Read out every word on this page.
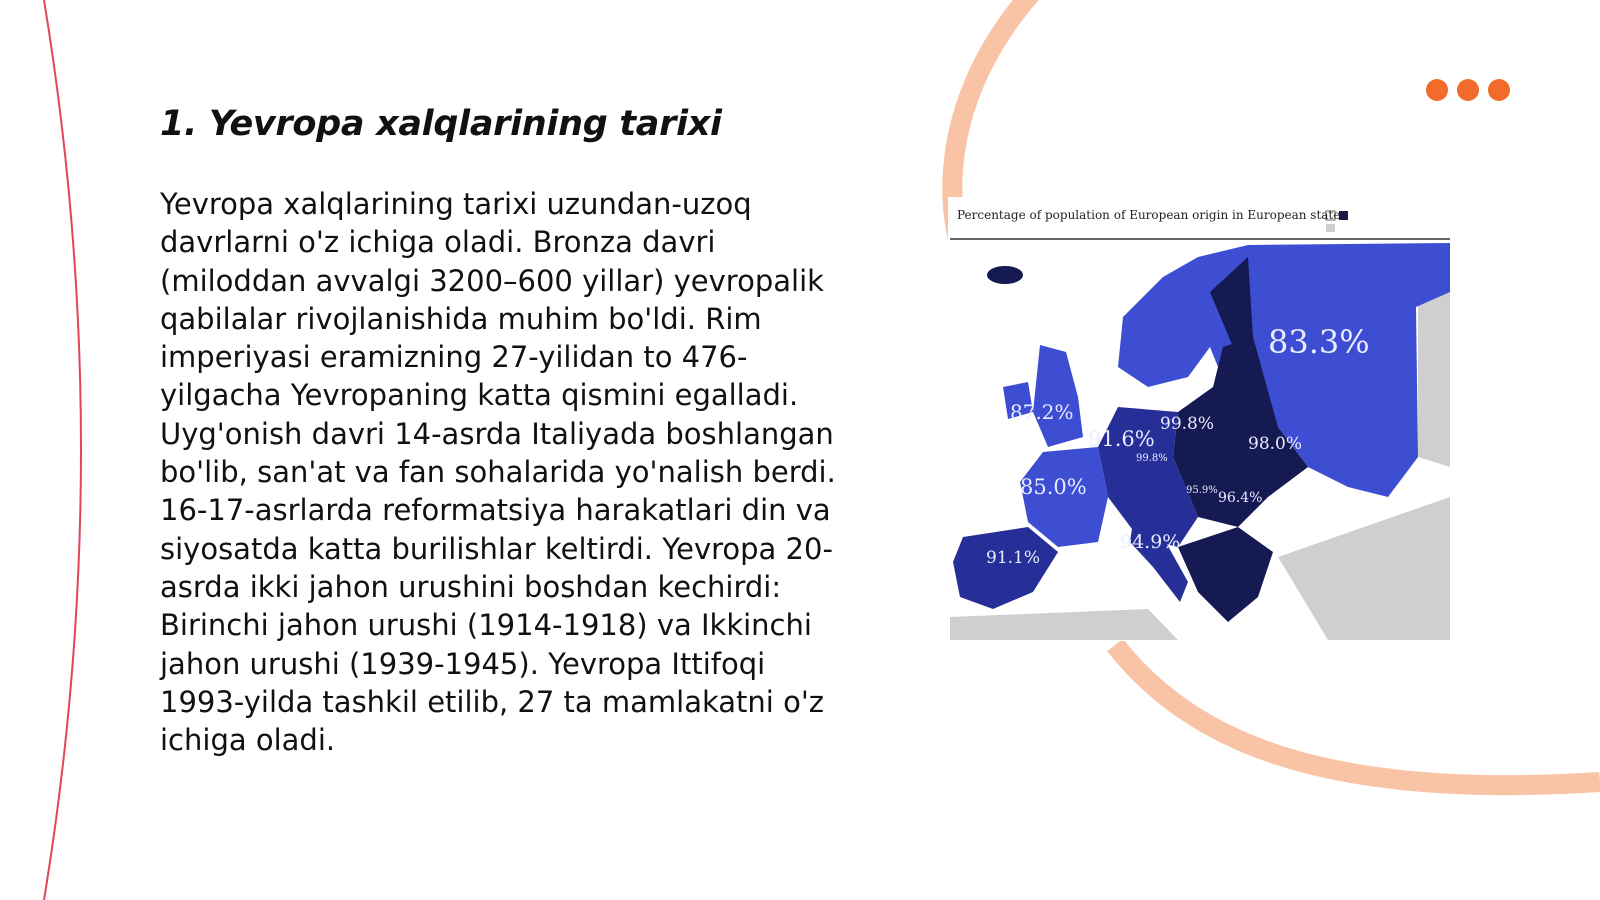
1. Yevropa xalqlarining tarixi

Yevropa xalqlarining tarixi uzundan-uzoq davrlarni o'z ichiga oladi. Bronza davri (miloddan avvalgi 3200–600 yillar) yevropalik qabilalar rivojlanishida muhim bo'ldi. Rim imperiyasi eramizning 27-yilidan to 476-yilgacha Yevropaning katta qismini egalladi. Uyg'onish davri 14-asrda Italiyada boshlangan bo'lib, san'at va fan sohalarida yo'nalish berdi. 16-17-asrlarda reformatsiya harakatlari din va siyosatda katta burilishlar keltirdi. Yevropa 20-asrda ikki jahon urushini boshdan kechirdi: Birinchi jahon urushi (1914-1918) va Ikkinchi jahon urushi (1939-1945). Yevropa Ittifoqi 1993-yilda tashkil etilib, 27 ta mamlakatni o'z ichiga oladi.

83.3%
91.6%
99.8%
98.0%
85.0%
91.1%
96.4%
87.2%
94.9%
95.9%
99.8%
Percentage of population of European origin in European states
